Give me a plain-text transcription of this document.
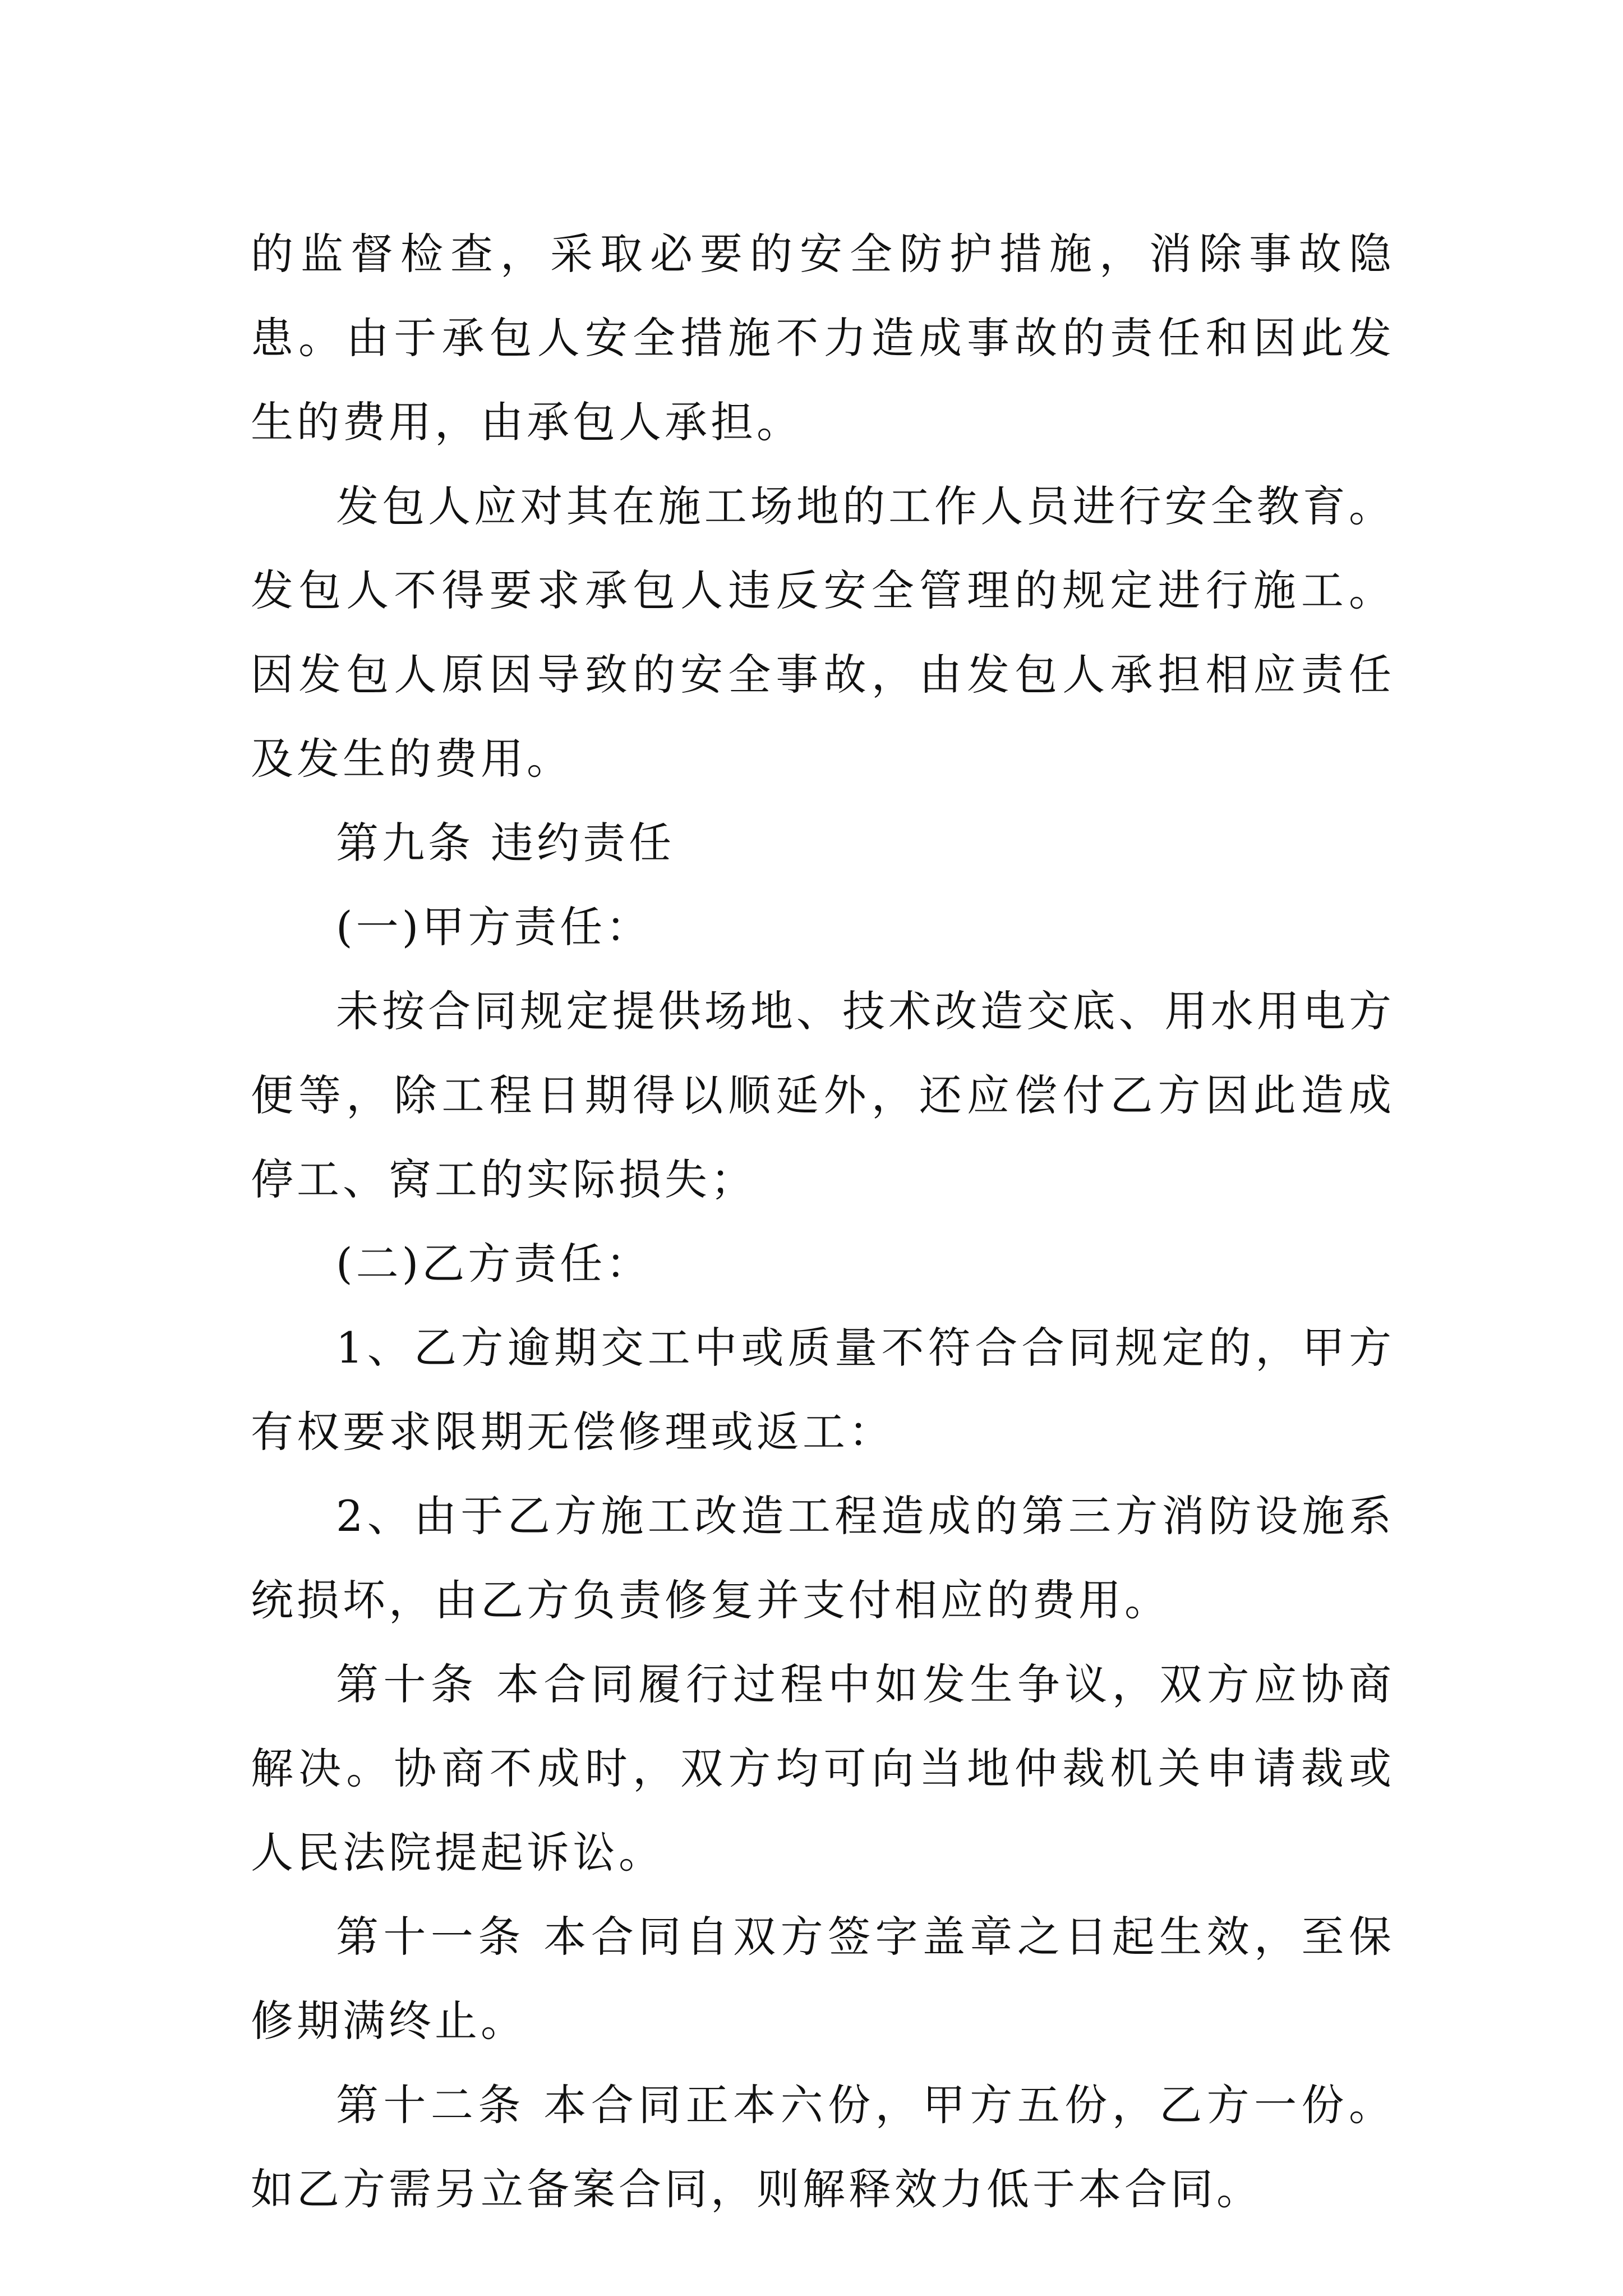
的监督检查，采取必要的安全防护措施，消除事故隐患。由于承包人安全措施不力造成事故的责任和因此发生的费用，由承包人承担。

发包人应对其在施工场地的工作人员进行安全教育。发包人不得要求承包人违反安全管理的规定进行施工。因发包人原因导致的安全事故，由发包人承担相应责任及发生的费用。

第九条 违约责任

(一)甲方责任：

未按合同规定提供场地、技术改造交底、用水用电方便等，除工程日期得以顺延外，还应偿付乙方因此造成停工、窝工的实际损失；

(二)乙方责任：

1、乙方逾期交工中或质量不符合合同规定的，甲方有权要求限期无偿修理或返工：

2、由于乙方施工改造工程造成的第三方消防设施系统损坏，由乙方负责修复并支付相应的费用。

第十条 本合同履行过程中如发生争议，双方应协商解决。协商不成时，双方均可向当地仲裁机关申请裁或人民法院提起诉讼。

第十一条 本合同自双方签字盖章之日起生效，至保修期满终止。

第十二条 本合同正本六份，甲方五份，乙方一份。如乙方需另立备案合同，则解释效力低于本合同。
